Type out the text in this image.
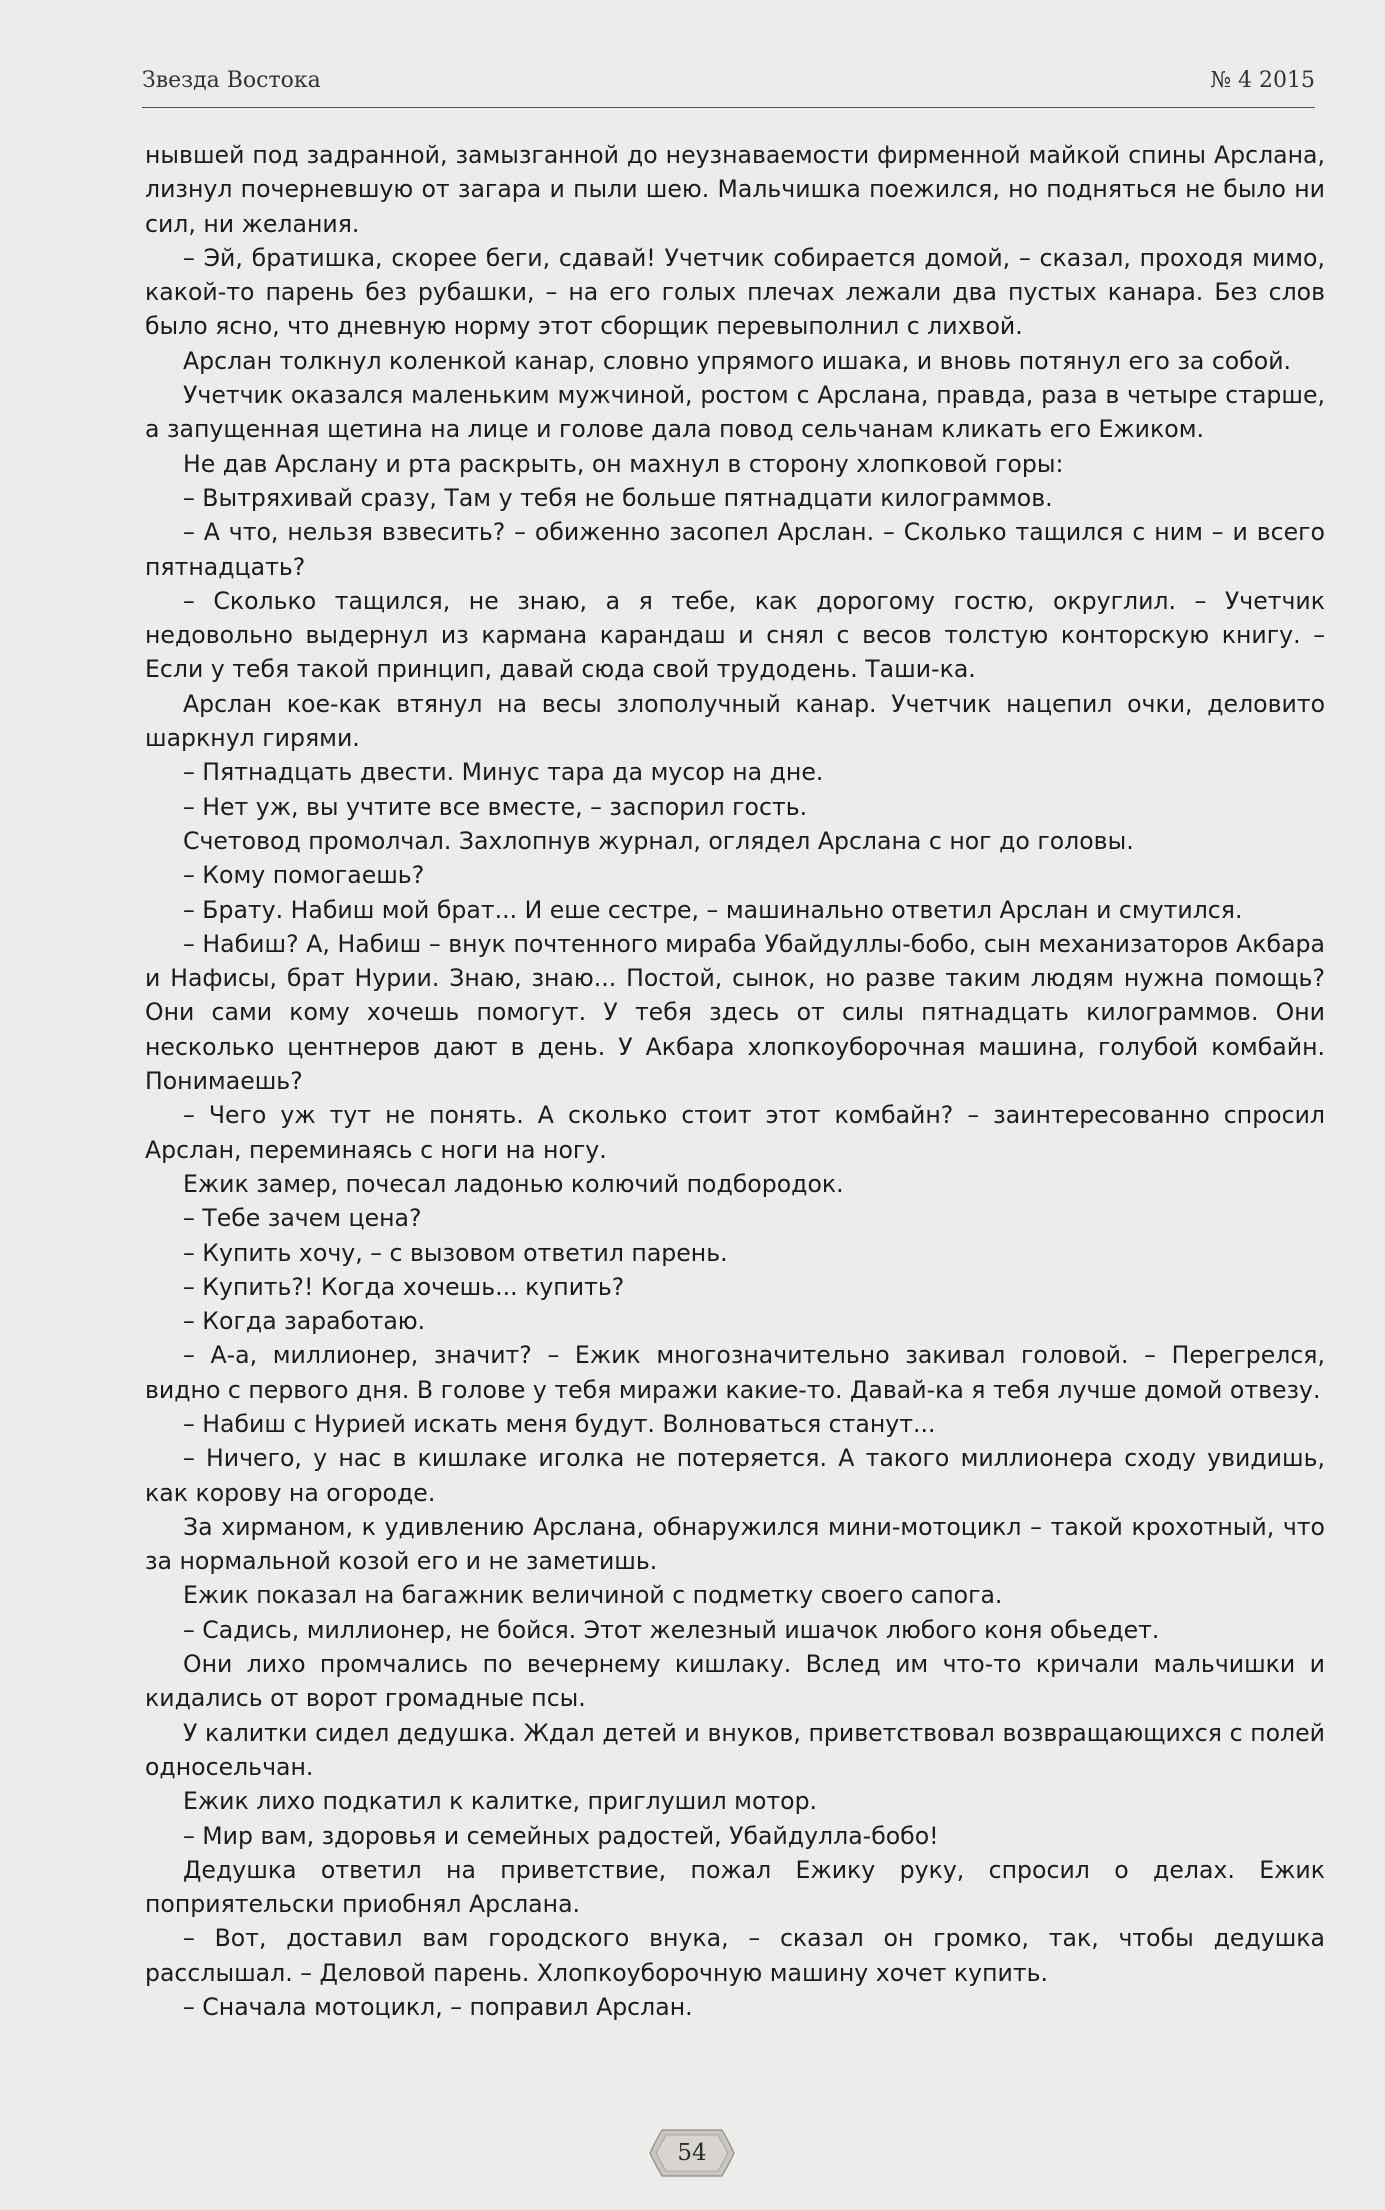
Звезда Востока	№ 4 2015

нывшей под задранной, замызганной до неузнаваемости фирменной майкой спины Арслана, лизнул почерневшую от загара и пыли шею. Мальчишка поежился, но подняться не было ни сил, ни желания.

– Эй, братишка, скорее беги, сдавай! Учетчик собирается домой, – сказал, проходя мимо, какой-то парень без рубашки, – на его голых плечах лежали два пустых канара. Без слов было ясно, что дневную норму этот сборщик перевыполнил с лихвой.

Арслан толкнул коленкой канар, словно упрямого ишака, и вновь потянул его за собой.

Учетчик оказался маленьким мужчиной, ростом с Арслана, правда, раза в четыре старше, а запущенная щетина на лице и голове дала повод сельчанам кликать его Ежиком.

Не дав Арслану и рта раскрыть, он махнул в сторону хлопковой горы:

– Вытряхивай сразу, Там у тебя не больше пятнадцати килограммов.

– А что, нельзя взвесить? – обиженно засопел Арслан. – Сколько тащился с ним – и всего пятнадцать?

– Сколько тащился, не знаю, а я тебе, как дорогому гостю, округлил. – Учетчик недовольно выдернул из кармана карандаш и снял с весов толстую конторскую книгу. – Если у тебя такой принцип, давай сюда свой трудодень. Таши-ка.

Арслан кое-как втянул на весы злополучный канар. Учетчик нацепил очки, деловито шаркнул гирями.

– Пятнадцать двести. Минус тара да мусор на дне.

– Нет уж, вы учтите все вместе, – заспорил гость.

Счетовод промолчал. Захлопнув журнал, оглядел Арслана с ног до головы.

– Кому помогаешь?

– Брату. Набиш мой брат... И еше сестре, – машинально ответил Арслан и смутился.

– Набиш? А, Набиш – внук почтенного мираба Убайдуллы-бобо, сын механизаторов Акбара и Нафисы, брат Нурии. Знаю, знаю... Постой, сынок, но разве таким людям нужна помощь? Они сами кому хочешь помогут. У тебя здесь от силы пятнадцать килограммов. Они несколько центнеров дают в день. У Акбара хлопкоуборочная машина, голубой комбайн. Понимаешь?

– Чего уж тут не понять. А сколько стоит этот комбайн? – заинтересованно спросил Арслан, переминаясь с ноги на ногу.

Ежик замер, почесал ладонью колючий подбородок.

– Тебе зачем цена?

– Купить хочу, – с вызовом ответил парень.

– Купить?! Когда хочешь... купить?

– Когда заработаю.

– А-а, миллионер, значит? – Ежик многозначительно закивал головой. – Перегрелся, видно с первого дня. В голове у тебя миражи какие-то. Давай-ка я тебя лучше домой отвезу.

– Набиш с Нурией искать меня будут. Волноваться станут...

– Ничего, у нас в кишлаке иголка не потеряется. А такого миллионера сходу увидишь, как корову на огороде.

За хирманом, к удивлению Арслана, обнаружился мини-мотоцикл – такой крохотный, что за нормальной козой его и не заметишь.

Ежик показал на багажник величиной с подметку своего сапога.

– Садись, миллионер, не бойся. Этот железный ишачок любого коня обьедет.

Они лихо промчались по вечернему кишлаку. Вслед им что-то кричали мальчишки и кидались от ворот громадные псы.

У калитки сидел дедушка. Ждал детей и внуков, приветствовал возвращающихся с полей односельчан.

Ежик лихо подкатил к калитке, приглушил мотор.

– Мир вам, здоровья и семейных радостей, Убайдулла-бобо!

Дедушка ответил на приветствие, пожал Ежику руку, спросил о делах. Ежик поприятельски приобнял Арслана.

– Вот, доставил вам городского внука, – сказал он громко, так, чтобы дедушка расслышал. – Деловой парень. Хлопкоуборочную машину хочет купить.

– Сначала мотоцикл, – поправил Арслан.

54
